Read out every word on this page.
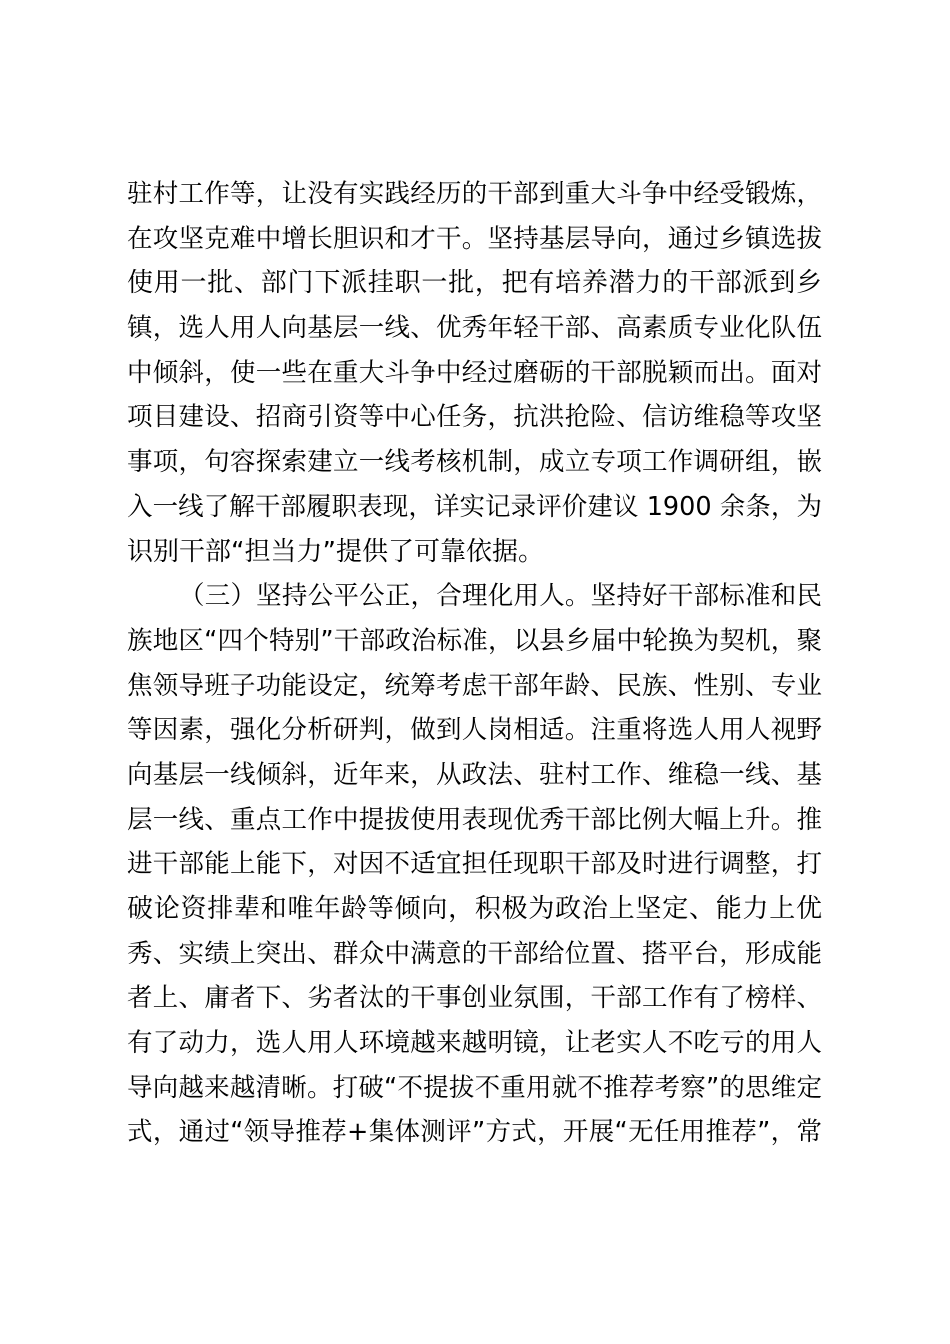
驻村工作等，让没有实践经历的干部到重大斗争中经受锻炼，
在攻坚克难中增长胆识和才干。坚持基层导向，通过乡镇选拔
使用一批、部门下派挂职一批，把有培养潜力的干部派到乡
镇，选人用人向基层一线、优秀年轻干部、高素质专业化队伍
中倾斜，使一些在重大斗争中经过磨砺的干部脱颖而出。面对
项目建设、招商引资等中心任务，抗洪抢险、信访维稳等攻坚
事项，句容探索建立一线考核机制，成立专项工作调研组，嵌
入一线了解干部履职表现，详实记录评价建议 1900 余条，为
识别干部“担当力”提供了可靠依据。
（三）坚持公平公正，合理化用人。坚持好干部标准和民
族地区“四个特别”干部政治标准，以县乡届中轮换为契机，聚
焦领导班子功能设定，统筹考虑干部年龄、民族、性别、专业
等因素，强化分析研判，做到人岗相适。注重将选人用人视野
向基层一线倾斜，近年来，从政法、驻村工作、维稳一线、基
层一线、重点工作中提拔使用表现优秀干部比例大幅上升。推
进干部能上能下，对因不适宜担任现职干部及时进行调整，打
破论资排辈和唯年龄等倾向，积极为政治上坚定、能力上优
秀、实绩上突出、群众中满意的干部给位置、搭平台，形成能
者上、庸者下、劣者汰的干事创业氛围，干部工作有了榜样、
有了动力，选人用人环境越来越明镜，让老实人不吃亏的用人
导向越来越清晰。打破“不提拔不重用就不推荐考察”的思维定
式，通过“领导推荐+集体测评”方式，开展“无任用推荐”，常
